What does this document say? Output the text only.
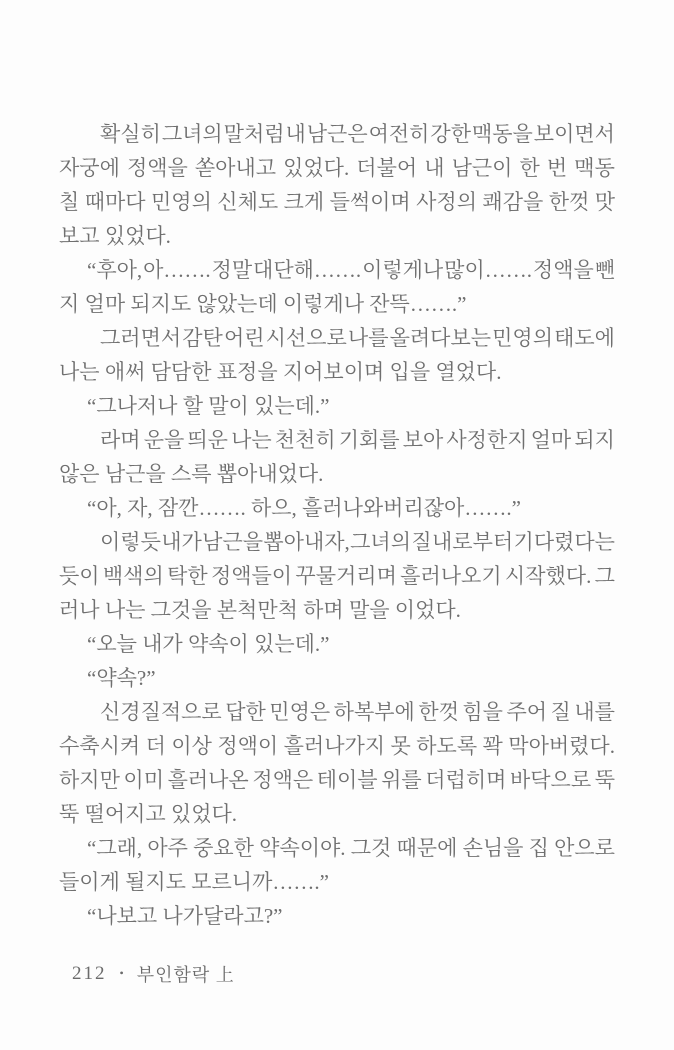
확실히 그녀의 말처럼 내 남근은 여전히 강한 맥동을 보이면서
자궁에 정액을 쏟아내고 있었다. 더불어 내 남근이 한 번 맥동
칠 때마다 민영의 신체도 크게 들썩이며 사정의 쾌감을 한껏 맛
보고 있었다.
“후아, 아……. 정말 대단해……. 이렇게나 많이……. 정액을 뺀
지 얼마 되지도 않았는데 이렇게나 잔뜩…….”
그러면서 감탄 어린 시선으로 나를 올려다보는 민영의 태도에
나는 애써 담담한 표정을 지어보이며 입을 열었다.
“그나저나 할 말이 있는데.”
라며 운을 띄운 나는 천천히 기회를 보아 사정한지 얼마 되지
않은 남근을 스륵 뽑아내었다.
“아, 자, 잠깐……. 하으, 흘러나와버리잖아…….”
이렇듯 내가 남근을 뽑아내자, 그녀의 질 내로부터 기다렸다는
듯이 백색의 탁한 정액들이 꾸물거리며 흘러나오기 시작했다. 그
러나 나는 그것을 본척만척 하며 말을 이었다.
“오늘 내가 약속이 있는데.”
“약속?”
신경질적으로 답한 민영은 하복부에 한껏 힘을 주어 질 내를
수축시켜 더 이상 정액이 흘러나가지 못 하도록 꽉 막아버렸다.
하지만 이미 흘러나온 정액은 테이블 위를 더럽히며 바닥으로 뚝
뚝 떨어지고 있었다.
“그래, 아주 중요한 약속이야. 그것 때문에 손님을 집 안으로
들이게 될지도 모르니까…….”
“나보고 나가달라고?”
212 • 부인함락 上
